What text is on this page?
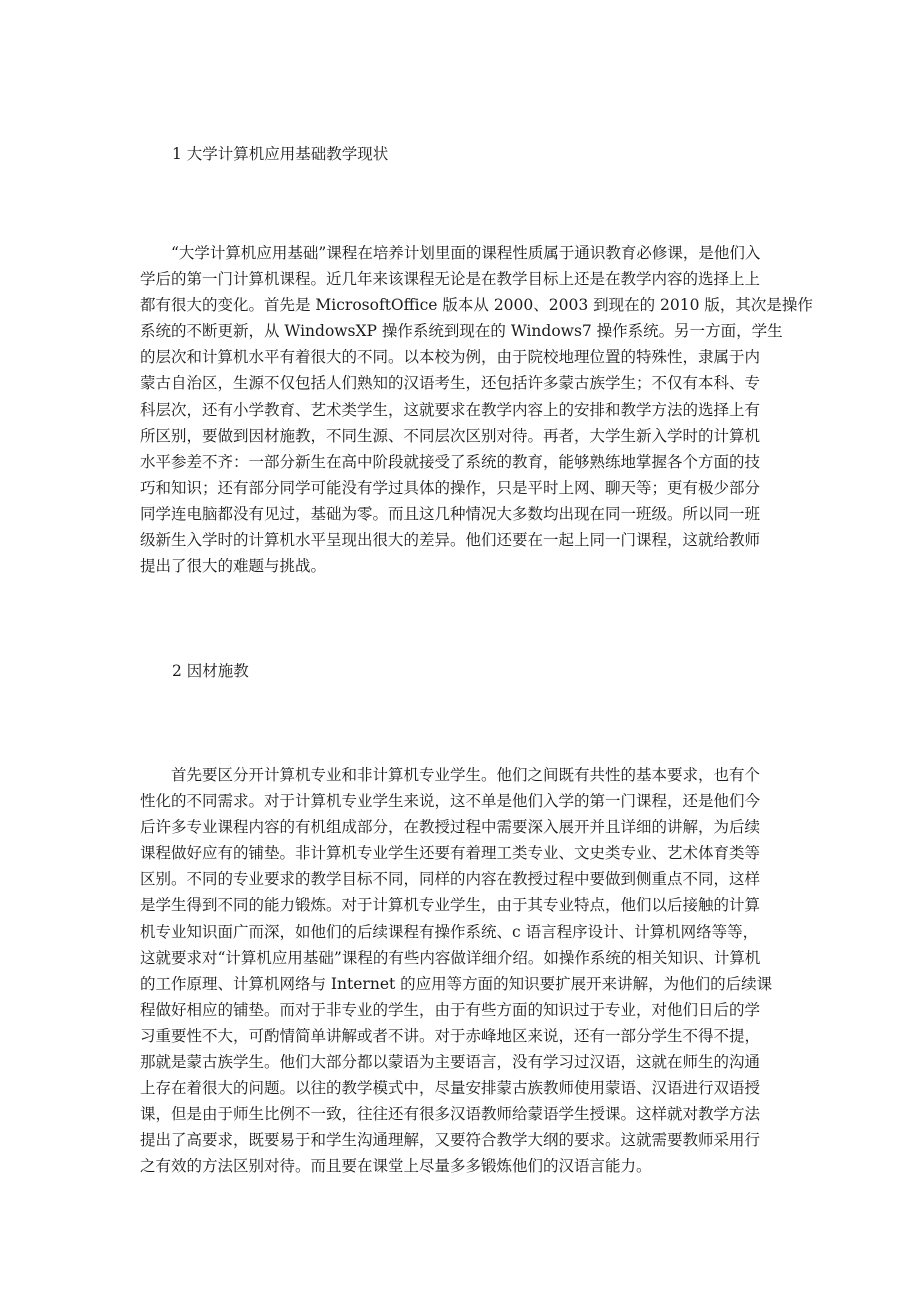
1 大学计算机应用基础教学现状
　　“大学计算机应用基础”课程在培养计划里面的课程性质属于通识教育必修课，是他们入
学后的第一门计算机课程。近几年来该课程无论是在教学目标上还是在教学内容的选择上上
都有很大的变化。首先是 MicrosoftOffice 版本从 2000、2003 到现在的 2010 版，其次是操作
系统的不断更新，从 WindowsXP 操作系统到现在的 Windows7 操作系统。另一方面，学生
的层次和计算机水平有着很大的不同。以本校为例，由于院校地理位置的特殊性，隶属于内
蒙古自治区，生源不仅包括人们熟知的汉语考生，还包括许多蒙古族学生；不仅有本科、专
科层次，还有小学教育、艺术类学生，这就要求在教学内容上的安排和教学方法的选择上有
所区别，要做到因材施教，不同生源、不同层次区别对待。再者，大学生新入学时的计算机
水平参差不齐：一部分新生在高中阶段就接受了系统的教育，能够熟练地掌握各个方面的技
巧和知识；还有部分同学可能没有学过具体的操作，只是平时上网、聊天等；更有极少部分
同学连电脑都没有见过，基础为零。而且这几种情况大多数均出现在同一班级。所以同一班
级新生入学时的计算机水平呈现出很大的差异。他们还要在一起上同一门课程，这就给教师
提出了很大的难题与挑战。
2 因材施教
　　首先要区分开计算机专业和非计算机专业学生。他们之间既有共性的基本要求，也有个
性化的不同需求。对于计算机专业学生来说，这不单是他们入学的第一门课程，还是他们今
后许多专业课程内容的有机组成部分，在教授过程中需要深入展开并且详细的讲解，为后续
课程做好应有的铺垫。非计算机专业学生还要有着理工类专业、文史类专业、艺术体育类等
区别。不同的专业要求的教学目标不同，同样的内容在教授过程中要做到侧重点不同，这样
是学生得到不同的能力锻炼。对于计算机专业学生，由于其专业特点，他们以后接触的计算
机专业知识面广而深，如他们的后续课程有操作系统、c 语言程序设计、计算机网络等等，
这就要求对“计算机应用基础”课程的有些内容做详细介绍。如操作系统的相关知识、计算机
的工作原理、计算机网络与 Internet 的应用等方面的知识要扩展开来讲解，为他们的后续课
程做好相应的铺垫。而对于非专业的学生，由于有些方面的知识过于专业，对他们日后的学
习重要性不大，可酌情简单讲解或者不讲。对于赤峰地区来说，还有一部分学生不得不提，
那就是蒙古族学生。他们大部分都以蒙语为主要语言，没有学习过汉语，这就在师生的沟通
上存在着很大的问题。以往的教学模式中，尽量安排蒙古族教师使用蒙语、汉语进行双语授
课，但是由于师生比例不一致，往往还有很多汉语教师给蒙语学生授课。这样就对教学方法
提出了高要求，既要易于和学生沟通理解，又要符合教学大纲的要求。这就需要教师采用行
之有效的方法区别对待。而且要在课堂上尽量多多锻炼他们的汉语言能力。
